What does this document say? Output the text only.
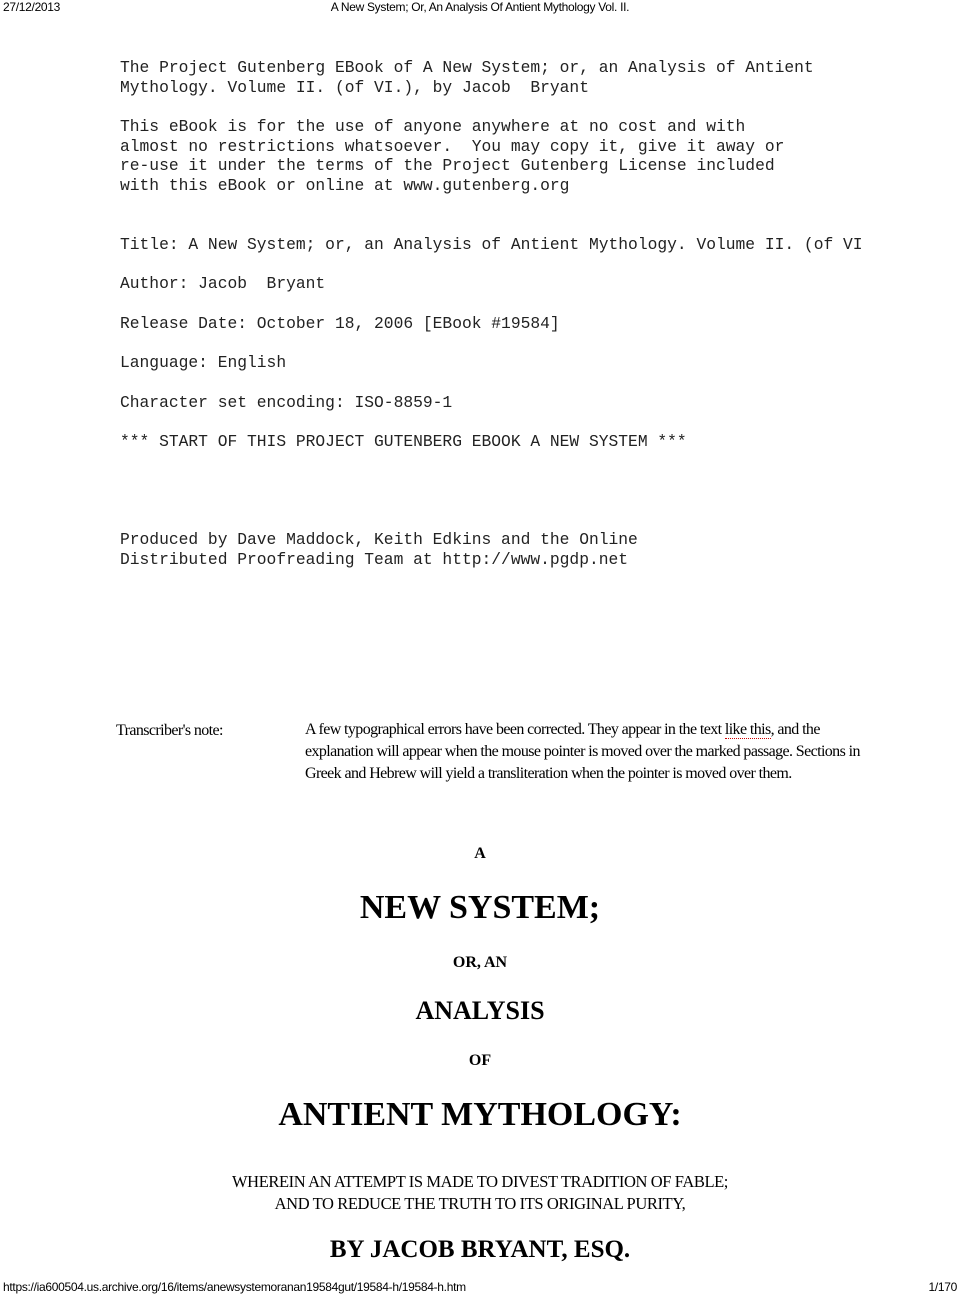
27/12/2013	A New System; Or, An Analysis Of Antient Mythology Vol. II.
The Project Gutenberg EBook of A New System; or, an Analysis of Antient
Mythology. Volume II. (of VI.), by Jacob  Bryant
This eBook is for the use of anyone anywhere at no cost and with
almost no restrictions whatsoever.  You may copy it, give it away or
re-use it under the terms of the Project Gutenberg License included
with this eBook or online at www.gutenberg.org
Title: A New System; or, an Analysis of Antient Mythology. Volume II. (of VI
Author: Jacob  Bryant
Release Date: October 18, 2006 [EBook #19584]
Language: English
Character set encoding: ISO-8859-1
*** START OF THIS PROJECT GUTENBERG EBOOK A NEW SYSTEM ***
Produced by Dave Maddock, Keith Edkins and the Online
Distributed Proofreading Team at http://www.pgdp.net
Transcriber's note:	A few typographical errors have been corrected. They appear in the text like this, and the explanation will appear when the mouse pointer is moved over the marked passage. Sections in Greek and Hebrew will yield a transliteration when the pointer is moved over them.
A
NEW SYSTEM;
OR, AN
ANALYSIS
OF
ANTIENT MYTHOLOGY:
WHEREIN AN ATTEMPT IS MADE TO DIVEST TRADITION OF FABLE;
AND TO REDUCE THE TRUTH TO ITS ORIGINAL PURITY,
BY JACOB BRYANT, ESQ.
https://ia600504.us.archive.org/16/items/anewsystemoranan19584gut/19584-h/19584-h.htm	1/170
